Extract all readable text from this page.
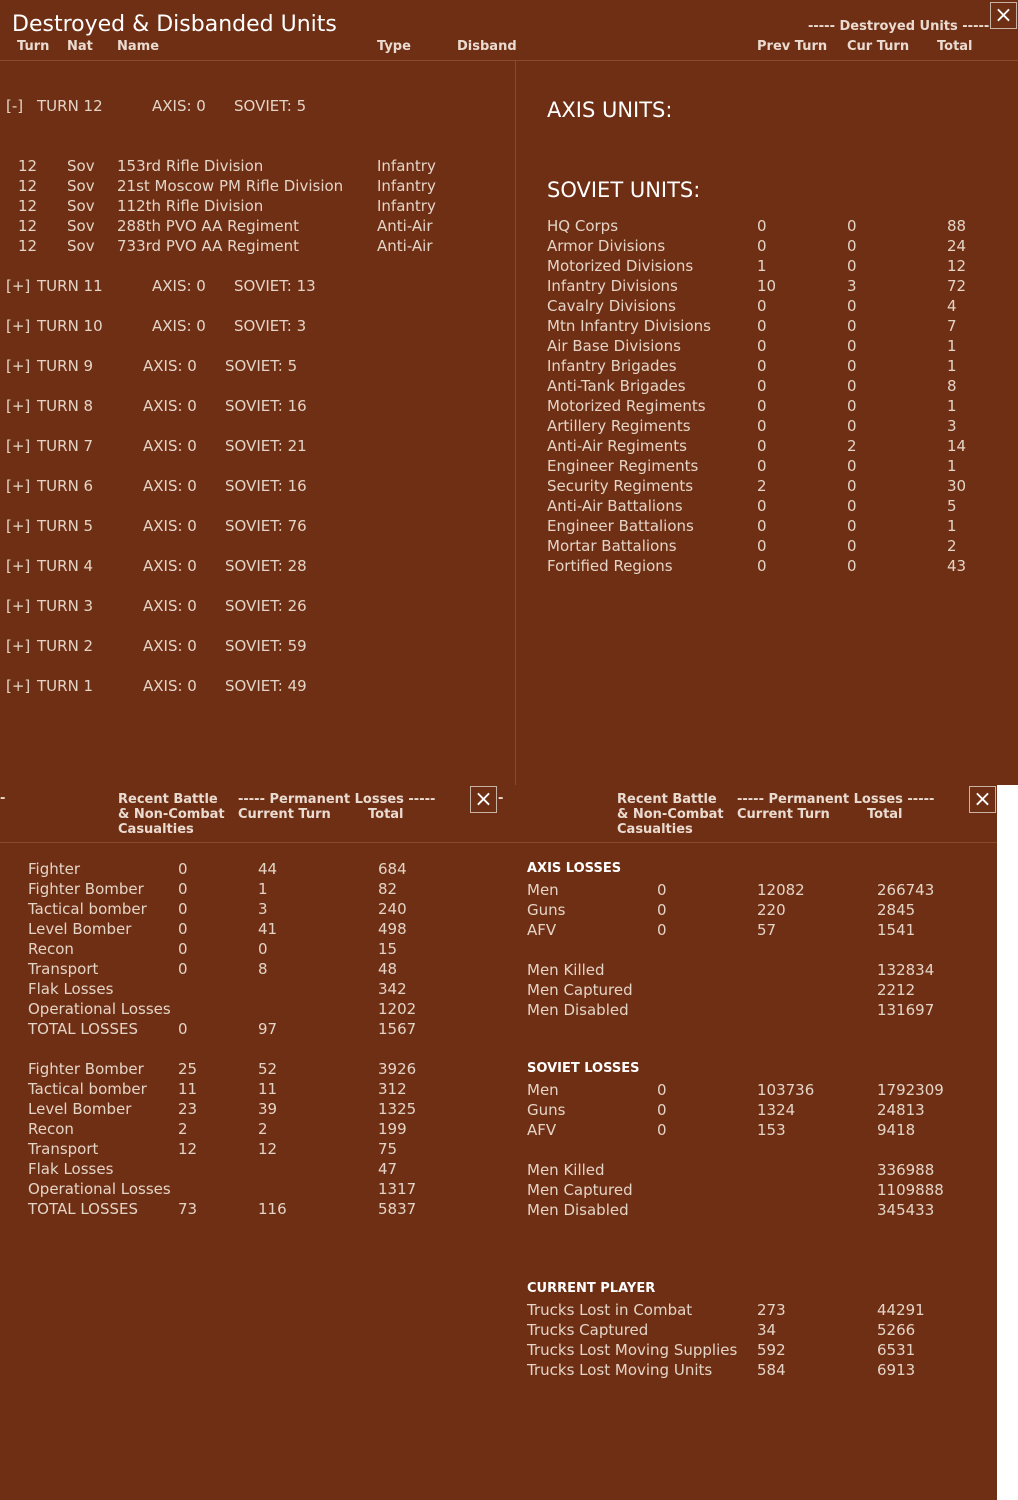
Destroyed & Disbanded Units	----- Destroyed Units ----- ×
Turn Nat Name	Type	Disband	Prev Turn Cur Turn Total
[-] TURN 12	AXIS: 0 SOVIET: 5
[+] TURN 11	AXIS: 0 SOVIET: 13
[+] TURN 10	AXIS: 0 SOVIET: 3
[+] TURN 9	AXIS: 0 SOVIET: 5
[+] TURN 8	AXIS: 0 SOVIET: 16
[+] TURN 7	AXIS: 0 SOVIET: 21
[+] TURN 6	AXIS: 0 SOVIET: 16
[+] TURN 5	AXIS: 0 SOVIET: 76
[+] TURN 4	AXIS: 0 SOVIET: 28
[+] TURN 3	AXIS: 0 SOVIET: 26
[+] TURN 2	AXIS: 0 SOVIET: 59
[+] TURN 1	AXIS: 0 SOVIET: 49
12 Sov 153rd Rifle Division	Infantry
12 Sov 21st Moscow PM Rifle Division Infantry
12 Sov 112th Rifle Division	Infantry
12 Sov 288th PVO AA Regiment	Anti-Air
12 Sov 733rd PVO AA Regiment	Anti-Air
AXIS UNITS:
SOVIET UNITS:
HQ Corps	0	0	88
Armor Divisions	0	0	24
Motorized Divisions	1	0	12
Infantry Divisions	10	3	72
Cavalry Divisions	0	0	4
Mtn Infantry Divisions	0	0	7
Air Base Divisions	0	0	1
Infantry Brigades	0	0	1
Anti-Tank Brigades	0	0	8
Motorized Regiments	0	0	1
Artillery Regiments	0	0	3
Anti-Air Regiments	0	2	14
Engineer Regiments	0	0	1
Security Regiments	2	0	30
Anti-Air Battalions	0	0	5
Engineer Battalions	0	0	1
Mortar Battalions	0	0	2
Fortified Regions	0	0	43
-	Recent Battle
& Non-Combat
Casualties
----- Permanent Losses -----
Current Turn	Total
× -	Recent Battle
& Non-Combat
Casualties
----- Permanent Losses -----
Current Turn	Total
×
Fighter	0	44	684
Fighter Bomber 0	1	82
Tactical bomber 0	3	240
Level Bomber	0	41	498
Recon	0	0	15
Transport	0	8	48
Flak Losses	342
Operational Losses	1202
TOTAL LOSSES	0	97	1567
Fighter Bomber 25	52	3926
Tactical bomber 11	11	312
Level Bomber	23	39	1325
Recon	2	2	199
Transport	12	12	75
Flak Losses	47
Operational Losses	1317
TOTAL LOSSES	73	116	5837
AXIS LOSSES
Men	0	12082	266743
Guns	0	220	2845
AFV	0	57	1541
Men Killed	132834
Men Captured	2212
Men Disabled	131697
SOVIET LOSSES
Men	0	103736	1792309
Guns	0	1324	24813
AFV	0	153	9418
Men Killed	336988
Men Captured	1109888
Men Disabled	345433
CURRENT PLAYER
Trucks Lost in Combat	273	44291
Trucks Captured	34	5266
Trucks Lost Moving Supplies 592	6531
Trucks Lost Moving Units	584	6913
